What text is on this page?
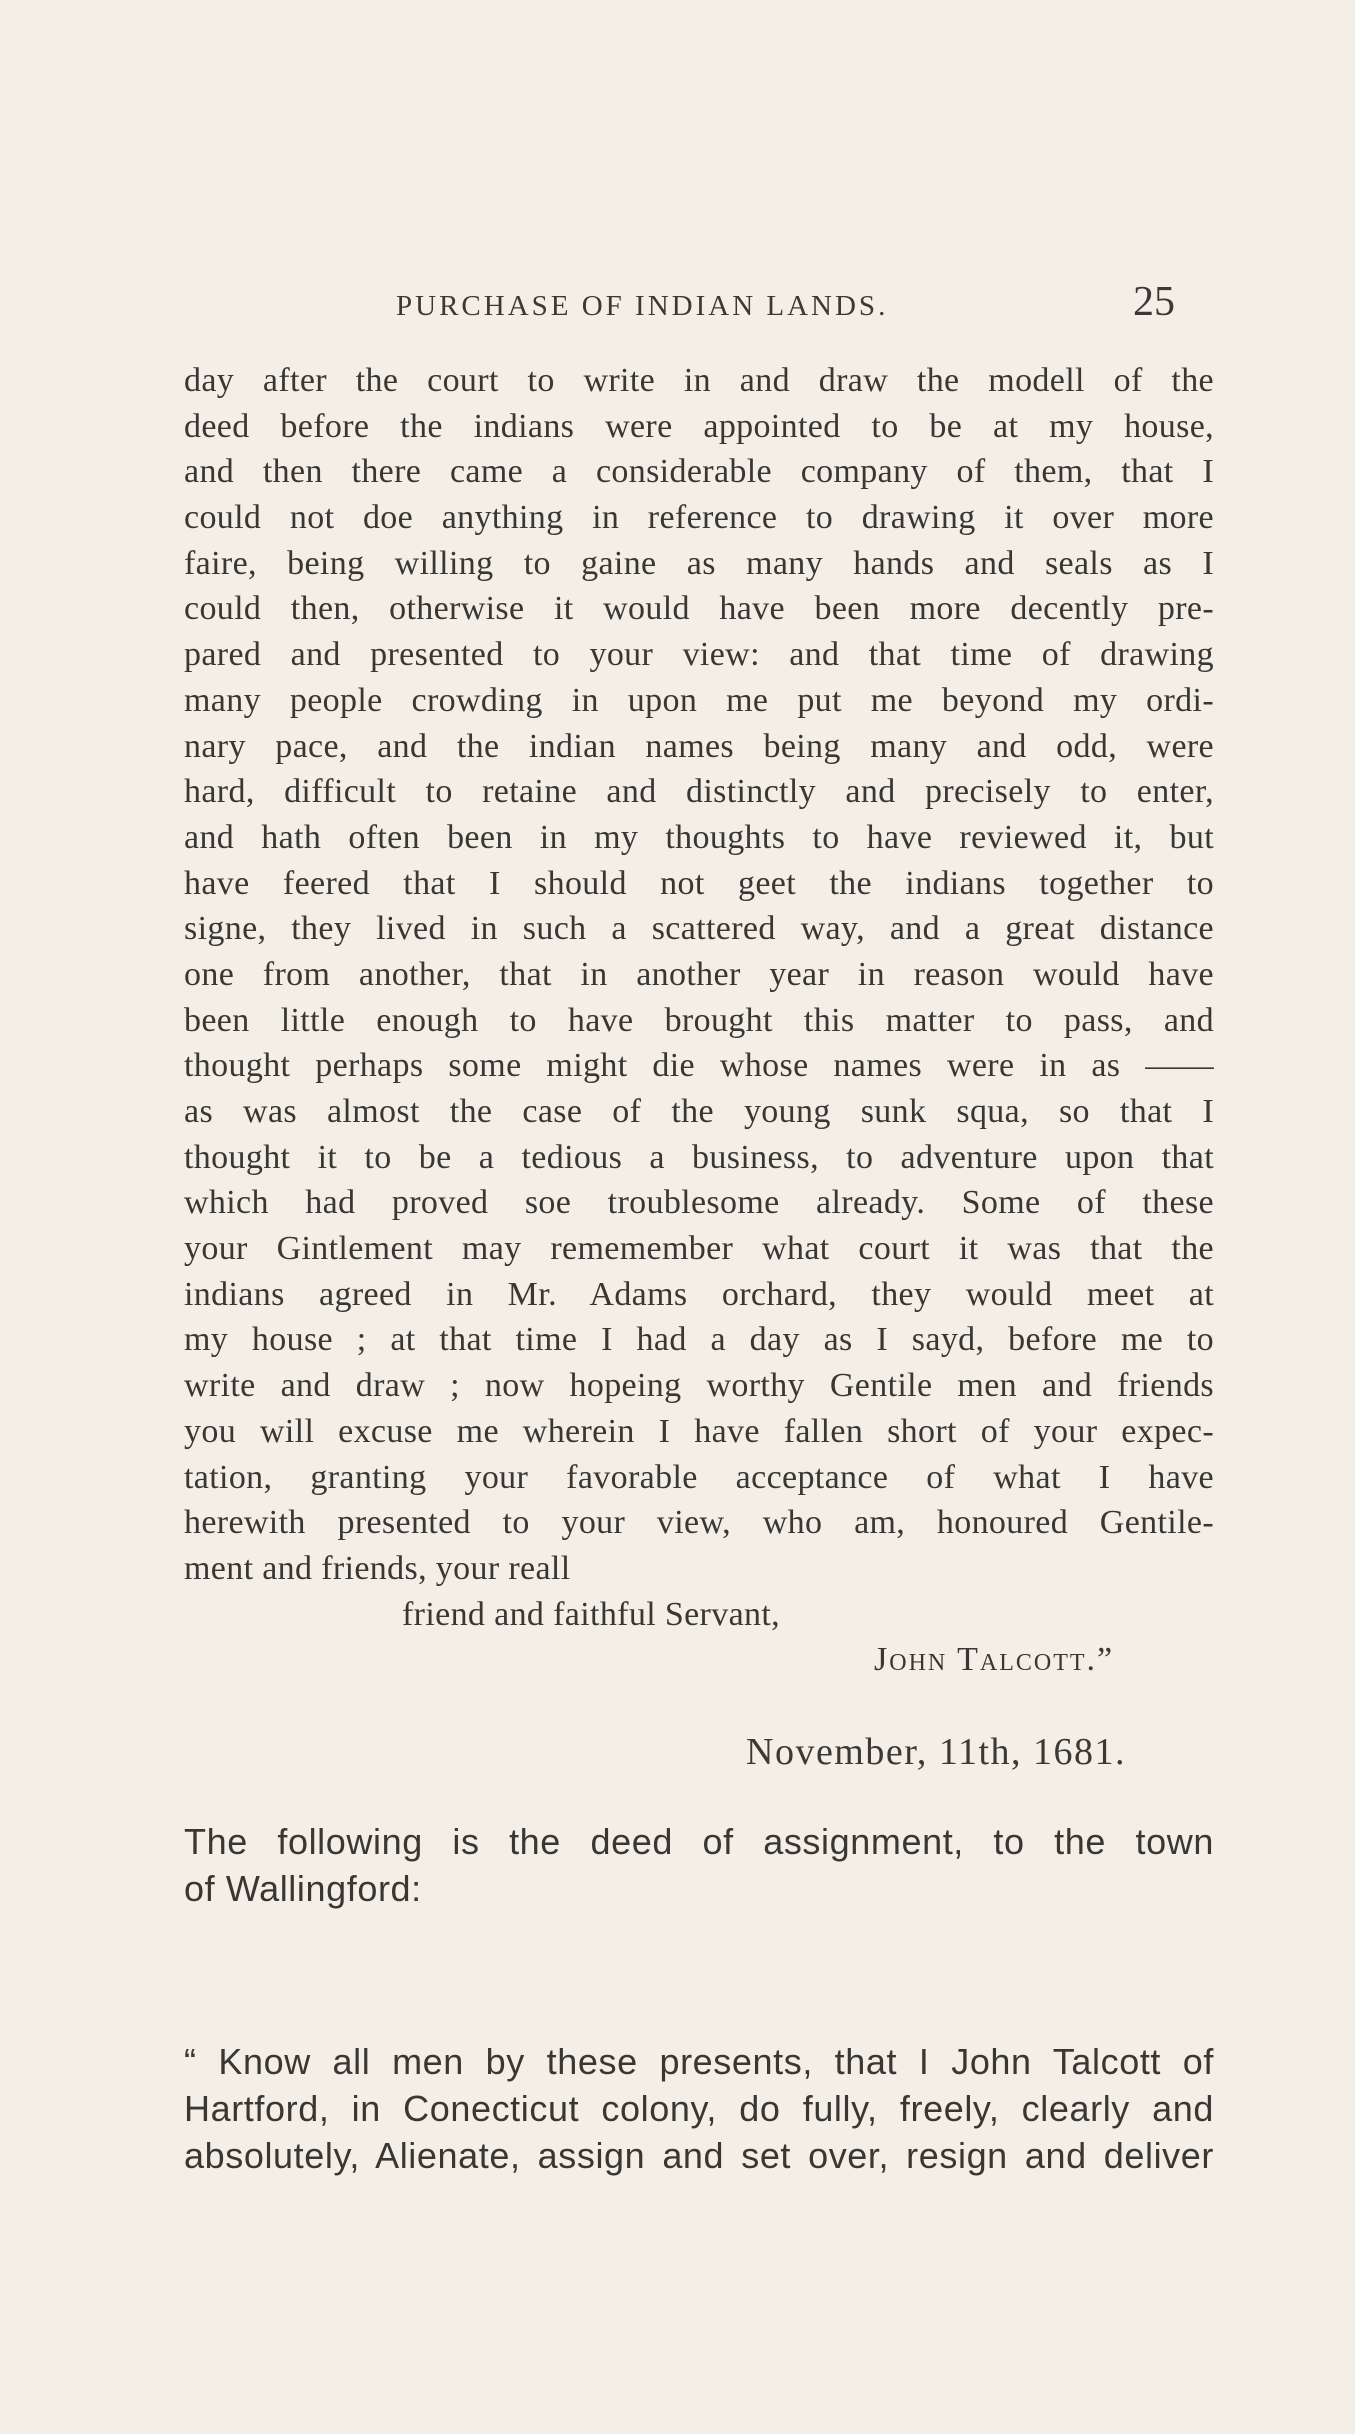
PURCHASE OF INDIAN LANDS.	25
day after the court to write in and draw the modell of the
deed before the indians were appointed to be at my house,
and then there came a considerable company of them, that I
could not doe anything in reference to drawing it over more
faire, being willing to gaine as many hands and seals as I
could then, otherwise it would have been more decently pre-
pared and presented to your view: and that time of drawing
many people crowding in upon me put me beyond my ordi-
nary pace, and the indian names being many and odd, were
hard, difficult to retaine and distinctly and precisely to enter,
and hath often been in my thoughts to have reviewed it, but
have feered that I should not geet the indians together to
signe, they lived in such a scattered way, and a great distance
one from another, that in another year in reason would have
been little enough to have brought this matter to pass, and
thought perhaps some might die whose names were in as ——
as was almost the case of the young sunk squa, so that I
thought it to be a tedious a business, to adventure upon that
which had proved soe troublesome already. Some of these
your Gintlement may rememember what court it was that the
indians agreed in Mr. Adams orchard, they would meet at
my house ; at that time I had a day as I sayd, before me to
write and draw ; now hopeing worthy Gentile men and friends
you will excuse me wherein I have fallen short of your expec-
tation, granting your favorable acceptance of what I have
herewith presented to your view, who am, honoured Gentile-
ment and friends, your reall
friend and faithful Servant,
John Talcott.”
November, 11th, 1681.
The following is the deed of assignment, to the town
of Wallingford:
“ Know all men by these presents, that I John Talcott of
Hartford, in Conecticut colony, do fully, freely, clearly and
absolutely, Alienate, assign and set over, resign and deliver
